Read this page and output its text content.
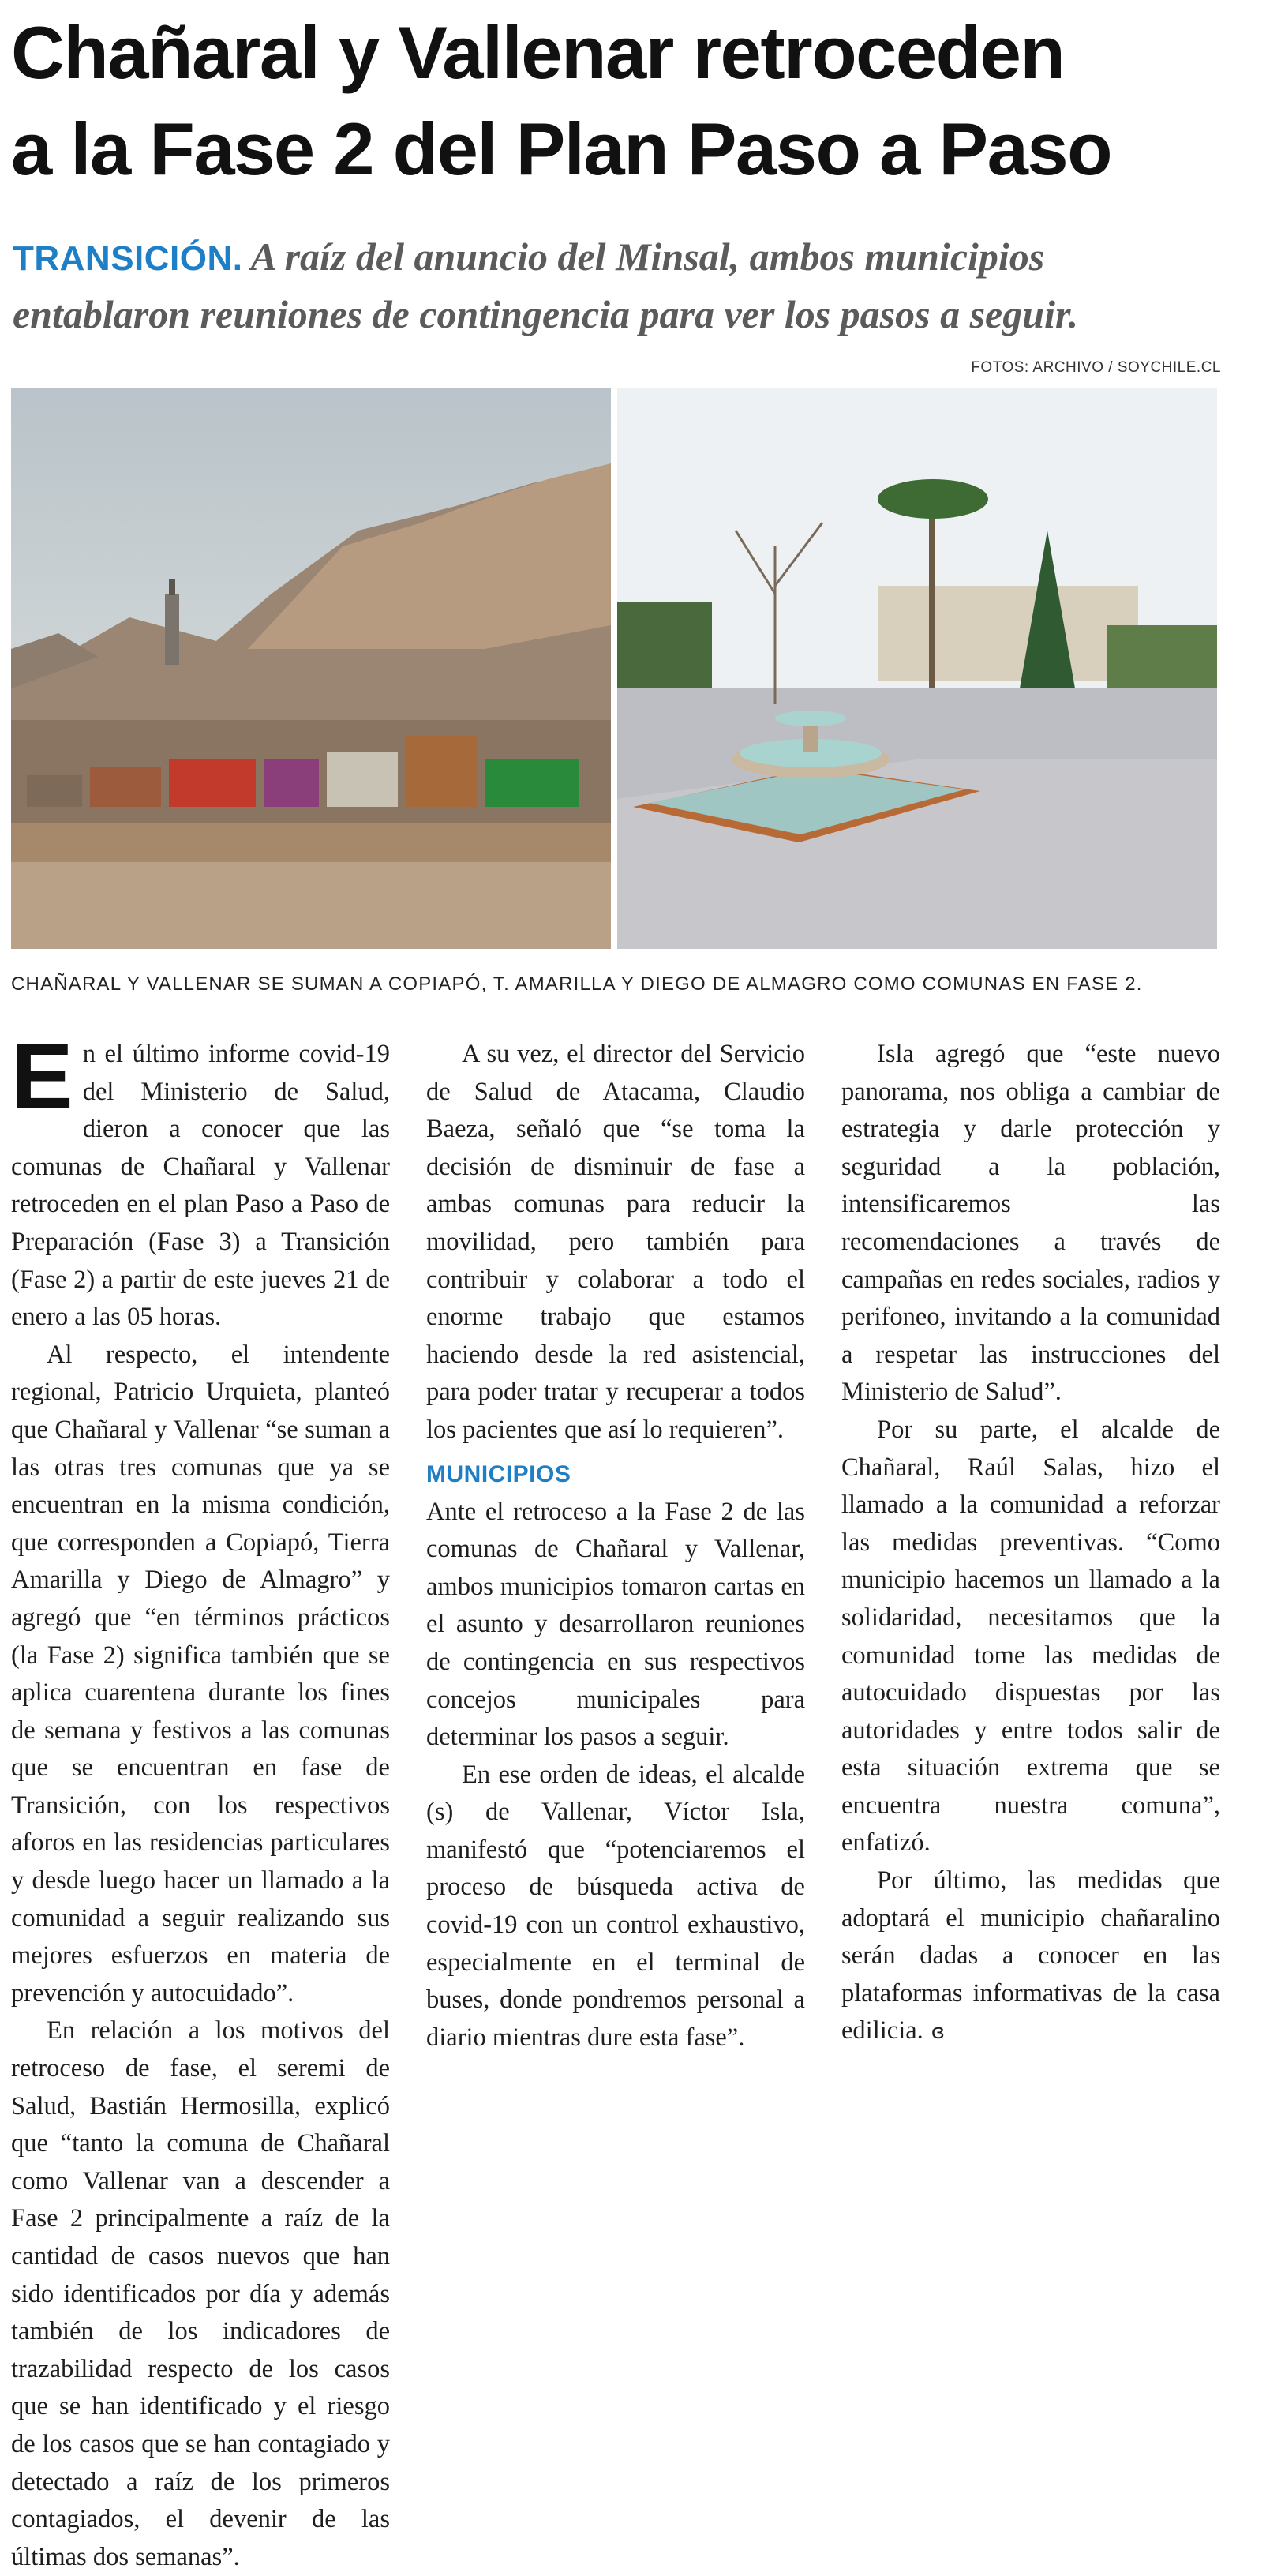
Chañaral y Vallenar retroceden
a la Fase 2 del Plan Paso a Paso
TRANSICIÓN. A raíz del anuncio del Minsal, ambos municipios
entablaron reuniones de contingencia para ver los pasos a seguir.
FOTOS: ARCHIVO / SOYCHILE.CL
CHAÑARAL Y VALLENAR SE SUMAN A COPIAPÓ, T. AMARILLA Y DIEGO DE ALMAGRO COMO COMUNAS EN FASE 2.

En el último informe covid-19 del Ministerio de Salud, dieron a conocer que las comunas de Chañaral y Vallenar retroceden en el plan Paso a Paso de Preparación (Fase 3) a Transición (Fase 2) a partir de este jueves 21 de enero a las 05 horas.

Al respecto, el intendente regional, Patricio Urquieta, planteó que Chañaral y Vallenar “se suman a las otras tres comunas que ya se encuentran en la misma condición, que corresponden a Copiapó, Tierra Amarilla y Diego de Almagro” y agregó que “en términos prácticos (la Fase 2) significa también que se aplica cuarentena durante los fines de semana y festivos a las comunas que se encuentran en fase de Transición, con los respectivos aforos en las residencias particulares y desde luego hacer un llamado a la comunidad a seguir realizando sus mejores esfuerzos en materia de prevención y autocuidado”.

En relación a los motivos del retroceso de fase, el seremi de Salud, Bastián Hermosilla, explicó que “tanto la comuna de Chañaral como Vallenar van a descender a Fase 2 principalmente a raíz de la cantidad de casos nuevos que han sido identificados por día y además también de los indicadores de trazabilidad respecto de los casos que se han identificado y el riesgo de los casos que se han contagiado y detectado a raíz de los primeros contagiados, el devenir de las últimas dos semanas”.

A su vez, el director del Servicio de Salud de Atacama, Claudio Baeza, señaló que “se toma la decisión de disminuir de fase a ambas comunas para reducir la movilidad, pero también para contribuir y colaborar a todo el enorme trabajo que estamos haciendo desde la red asistencial, para poder tratar y recuperar a todos los pacientes que así lo requieren”.

MUNICIPIOS

Ante el retroceso a la Fase 2 de las comunas de Chañaral y Vallenar, ambos municipios tomaron cartas en el asunto y desarrollaron reuniones de contingencia en sus respectivos concejos municipales para determinar los pasos a seguir.

En ese orden de ideas, el alcalde (s) de Vallenar, Víctor Isla, manifestó que “potenciaremos el proceso de búsqueda activa de covid-19 con un control exhaustivo, especialmente en el terminal de buses, donde pondremos personal a diario mientras dure esta fase”.

Isla agregó que “este nuevo panorama, nos obliga a cambiar de estrategia y darle protección y seguridad a la población, intensificaremos las recomendaciones a través de campañas en redes sociales, radios y perifoneo, invitando a la comunidad a respetar las instrucciones del Ministerio de Salud”.

Por su parte, el alcalde de Chañaral, Raúl Salas, hizo el llamado a la comunidad a reforzar las medidas preventivas. “Como municipio hacemos un llamado a la solidaridad, necesitamos que la comunidad tome las medidas de autocuidado dispuestas por las autoridades y entre todos salir de esta situación extrema que se encuentra nuestra comuna”, enfatizó.

Por último, las medidas que adoptará el municipio chañaralino serán dadas a conocer en las plataformas informativas de la casa edilicia. ɞ
